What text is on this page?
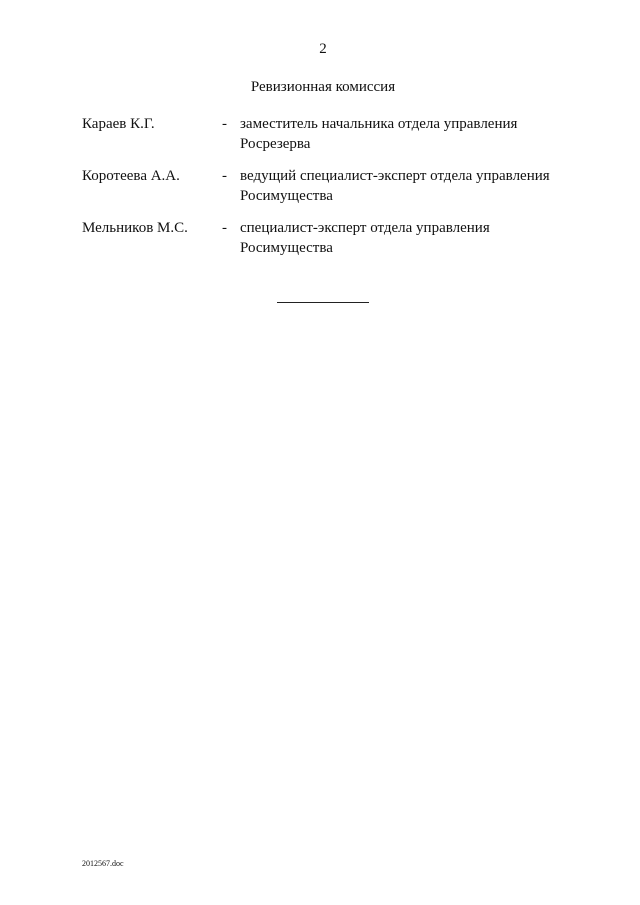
2
Ревизионная комиссия
Караев К.Г.	- заместитель начальника отдела управления
Росрезерва
Коротеева А.А.	- ведущий специалист-эксперт отдела управления
Росимущества
Мельников М.С. - специалист-эксперт отдела управления
Росимущества
2012567.doc
